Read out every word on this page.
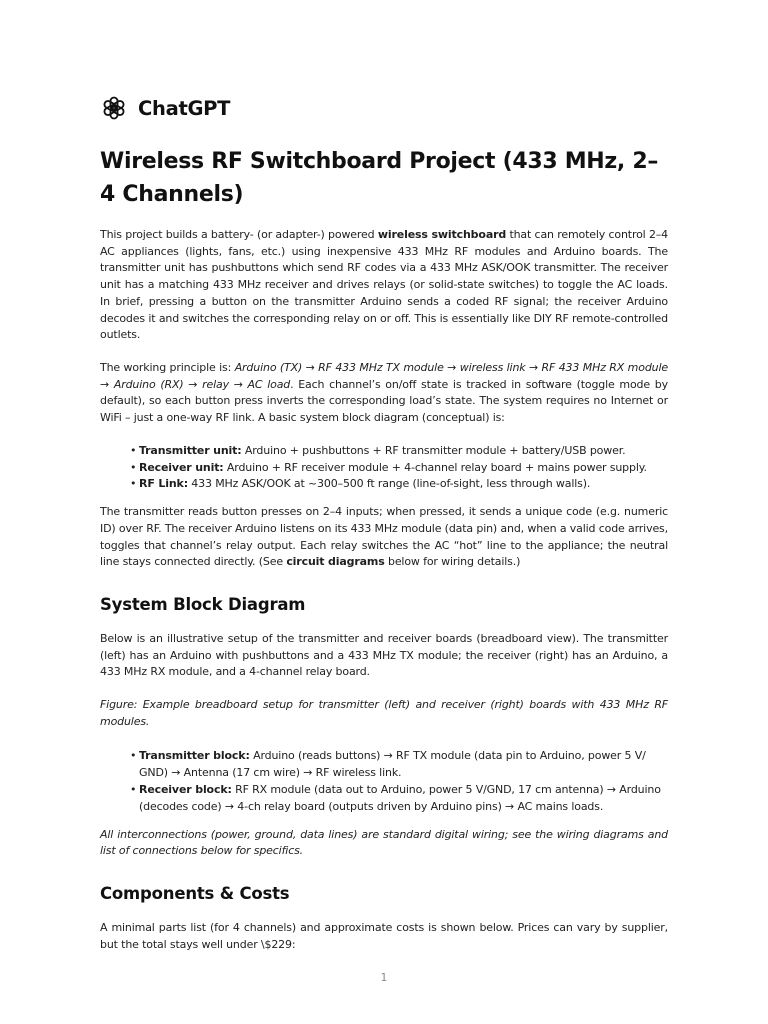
ChatGPT
Wireless RF Switchboard Project (433 MHz, 2–4 Channels)

This project builds a battery- (or adapter-) powered wireless switchboard that can remotely control 2–4 AC appliances (lights, fans, etc.) using inexpensive 433 MHz RF modules and Arduino boards. The transmitter unit has pushbuttons which send RF codes via a 433 MHz ASK/OOK transmitter. The receiver unit has a matching 433 MHz receiver and drives relays (or solid-state switches) to toggle the AC loads. In brief, pressing a button on the transmitter Arduino sends a coded RF signal; the receiver Arduino decodes it and switches the corresponding relay on or off. This is essentially like DIY RF remote-controlled outlets.

The working principle is: Arduino (TX) → RF 433 MHz TX module → wireless link → RF 433 MHz RX module → Arduino (RX) → relay → AC load. Each channel’s on/off state is tracked in software (toggle mode by default), so each button press inverts the corresponding load’s state. The system requires no Internet or WiFi – just a one-way RF link. A basic system block diagram (conceptual) is:

• Transmitter unit: Arduino + pushbuttons + RF transmitter module + battery/USB power.
• Receiver unit: Arduino + RF receiver module + 4-channel relay board + mains power supply.
• RF Link: 433 MHz ASK/OOK at ~300–500 ft range (line-of-sight, less through walls).

The transmitter reads button presses on 2–4 inputs; when pressed, it sends a unique code (e.g. numeric ID) over RF. The receiver Arduino listens on its 433 MHz module (data pin) and, when a valid code arrives, toggles that channel’s relay output. Each relay switches the AC “hot” line to the appliance; the neutral line stays connected directly. (See circuit diagrams below for wiring details.)

System Block Diagram

Below is an illustrative setup of the transmitter and receiver boards (breadboard view). The transmitter (left) has an Arduino with pushbuttons and a 433 MHz TX module; the receiver (right) has an Arduino, a 433 MHz RX module, and a 4-channel relay board.

Figure: Example breadboard setup for transmitter (left) and receiver (right) boards with 433 MHz RF modules.

• Transmitter block: Arduino (reads buttons) → RF TX module (data pin to Arduino, power 5 V/ GND) → Antenna (17 cm wire) → RF wireless link.
• Receiver block: RF RX module (data out to Arduino, power 5 V/GND, 17 cm antenna) → Arduino (decodes code) → 4-ch relay board (outputs driven by Arduino pins) → AC mains loads.

All interconnections (power, ground, data lines) are standard digital wiring; see the wiring diagrams and list of connections below for specifics.

Components & Costs

A minimal parts list (for 4 channels) and approximate costs is shown below. Prices can vary by supplier, but the total stays well under \$229:

1
